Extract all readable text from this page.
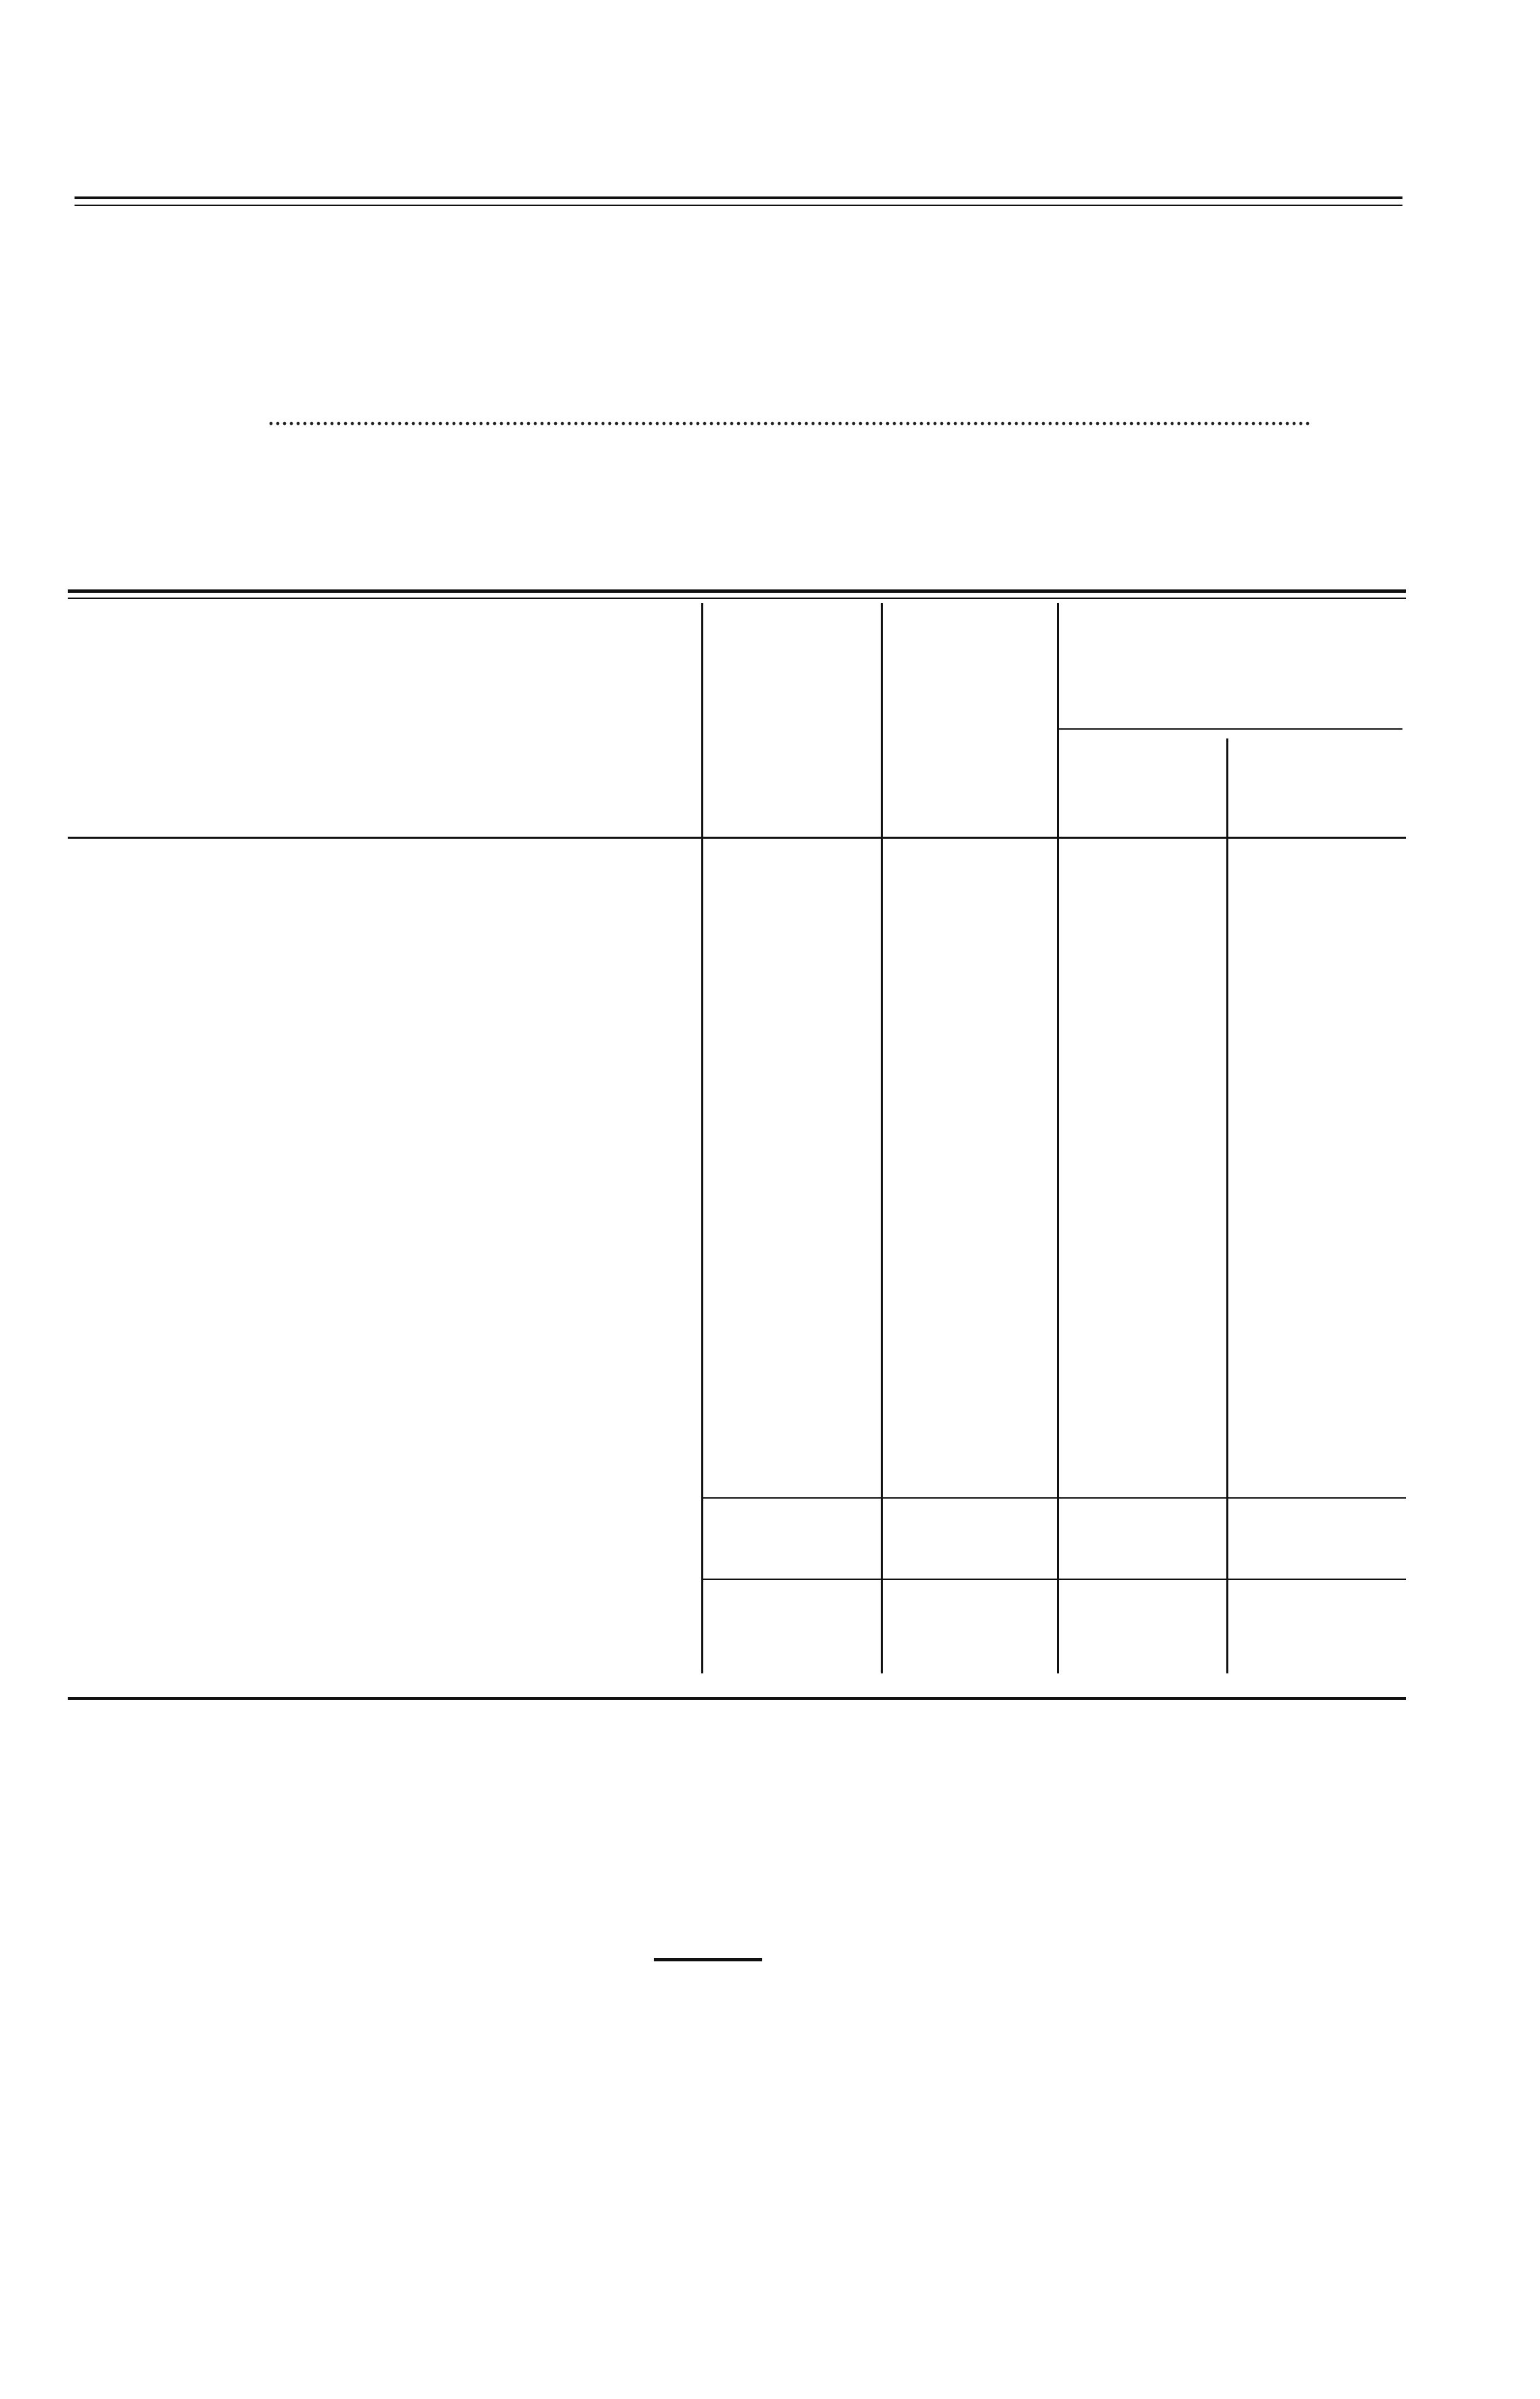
..........................................................................................................................................................
